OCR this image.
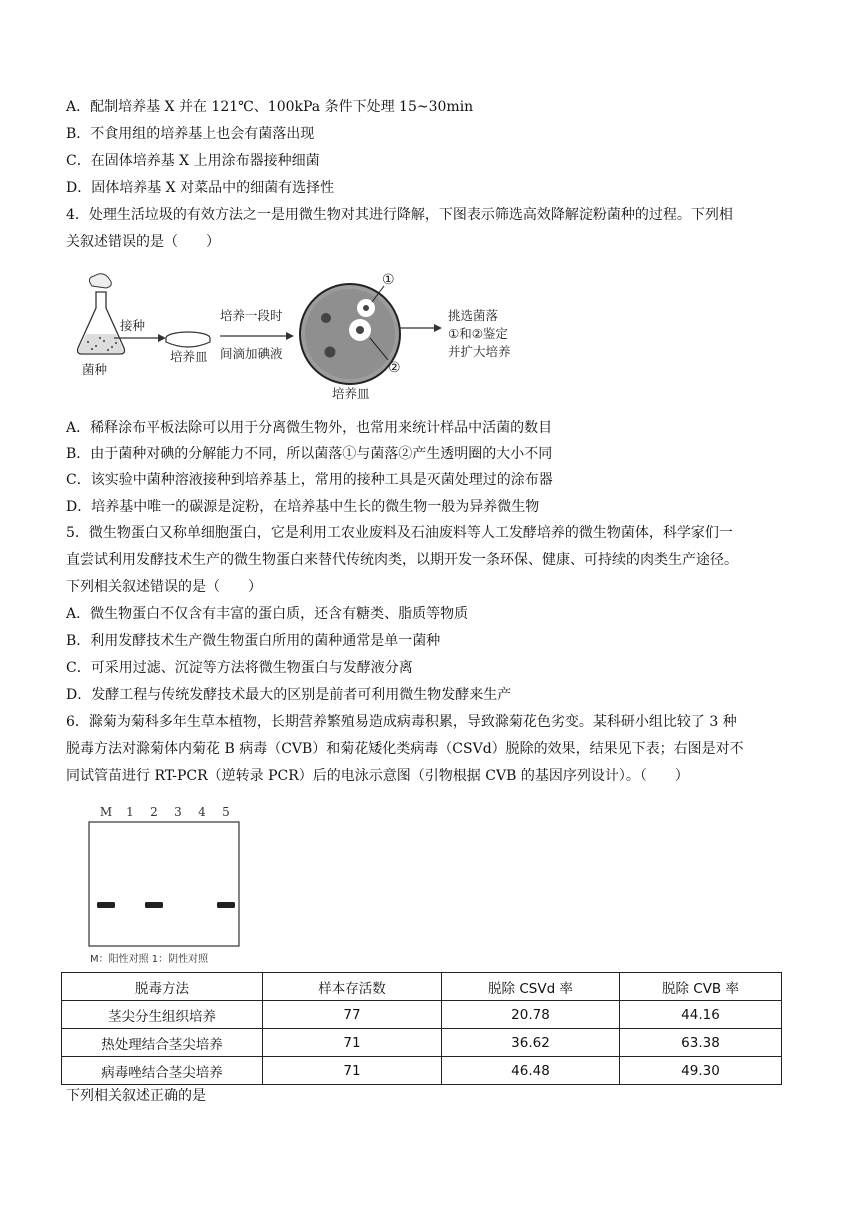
A．配制培养基 X 并在 121℃、100kPa 条件下处理 15~30min
B．不食用组的培养基上也会有菌落出现
C．在固体培养基 X 上用涂布器接种细菌
D．固体培养基 X 对菜品中的细菌有选择性
4．处理生活垃圾的有效方法之一是用微生物对其进行降解，下图表示筛选高效降解淀粉菌种的过程。下列相
关叙述错误的是（　　）
菌种
接种
培养皿
培养一段时
间滴加碘液
①
②
培养皿
挑选菌落
①和②鉴定
并扩大培养
A．稀释涂布平板法除可以用于分离微生物外，也常用来统计样品中活菌的数目
B．由于菌种对碘的分解能力不同，所以菌落①与菌落②产生透明圈的大小不同
C．该实验中菌种溶液接种到培养基上，常用的接种工具是灭菌处理过的涂布器
D．培养基中唯一的碳源是淀粉，在培养基中生长的微生物一般为异养微生物
5．微生物蛋白又称单细胞蛋白，它是利用工农业废料及石油废料等人工发酵培养的微生物菌体，科学家们一
直尝试利用发酵技术生产的微生物蛋白来替代传统肉类，以期开发一条环保、健康、可持续的肉类生产途径。
下列相关叙述错误的是（　　）
A．微生物蛋白不仅含有丰富的蛋白质，还含有糖类、脂质等物质
B．利用发酵技术生产微生物蛋白所用的菌种通常是单一菌种
C．可采用过滤、沉淀等方法将微生物蛋白与发酵液分离
D．发酵工程与传统发酵技术最大的区别是前者可利用微生物发酵来生产
6．滁菊为菊科多年生草本植物，长期营养繁殖易造成病毒积累，导致滁菊花色劣变。某科研小组比较了 3 种
脱毒方法对滁菊体内菊花 B 病毒（CVB）和菊花矮化类病毒（CSVd）脱除的效果，结果见下表；右图是对不
同试管苗进行 RT-PCR（逆转录 PCR）后的电泳示意图（引物根据 CVB 的基因序列设计）。（　　）
M 1 2 3 4 5
M：阳性对照 1：阴性对照
脱毒方法	样本存活数	脱除 CSVd 率	脱除 CVB 率
茎尖分生组织培养	77	20.78	44.16
热处理结合茎尖培养	71	36.62	63.38
病毒唑结合茎尖培养	71	46.48	49.30
下列相关叙述正确的是
